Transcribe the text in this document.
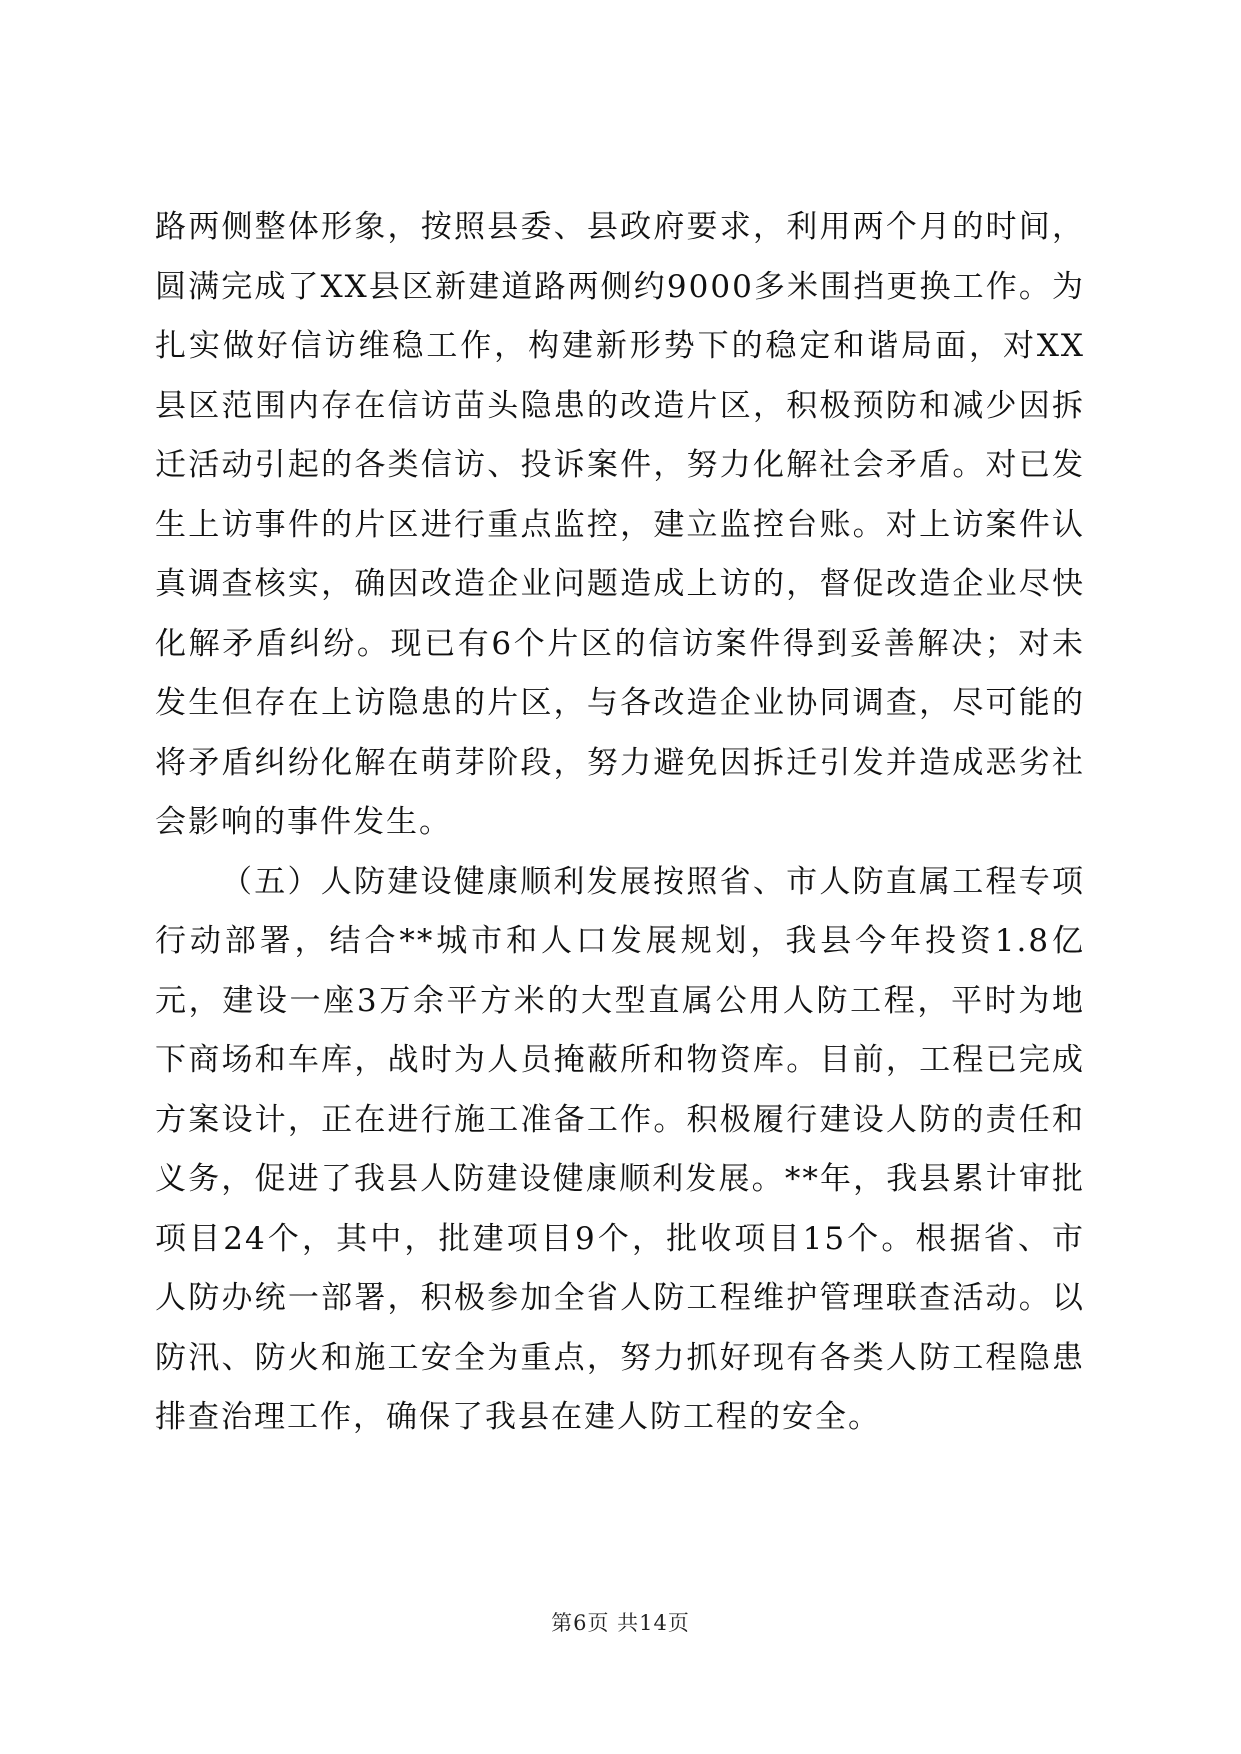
路两侧整体形象，按照县委、县政府要求，利用两个月的时间，圆满完成了XX县区新建道路两侧约9000多米围挡更换工作。为扎实做好信访维稳工作，构建新形势下的稳定和谐局面，对XX县区范围内存在信访苗头隐患的改造片区，积极预防和减少因拆迁活动引起的各类信访、投诉案件，努力化解社会矛盾。对已发生上访事件的片区进行重点监控，建立监控台账。对上访案件认真调查核实，确因改造企业问题造成上访的，督促改造企业尽快化解矛盾纠纷。现已有6个片区的信访案件得到妥善解决；对未发生但存在上访隐患的片区，与各改造企业协同调查，尽可能的将矛盾纠纷化解在萌芽阶段，努力避免因拆迁引发并造成恶劣社会影响的事件发生。

（五）人防建设健康顺利发展按照省、市人防直属工程专项行动部署，结合**城市和人口发展规划，我县今年投资1.8亿元，建设一座3万余平方米的大型直属公用人防工程，平时为地下商场和车库，战时为人员掩蔽所和物资库。目前，工程已完成方案设计，正在进行施工准备工作。积极履行建设人防的责任和义务，促进了我县人防建设健康顺利发展。**年，我县累计审批项目24个，其中，批建项目9个，批收项目15个。根据省、市人防办统一部署，积极参加全省人防工程维护管理联查活动。以防汛、防火和施工安全为重点，努力抓好现有各类人防工程隐患排查治理工作，确保了我县在建人防工程的安全。

第6页 共14页
